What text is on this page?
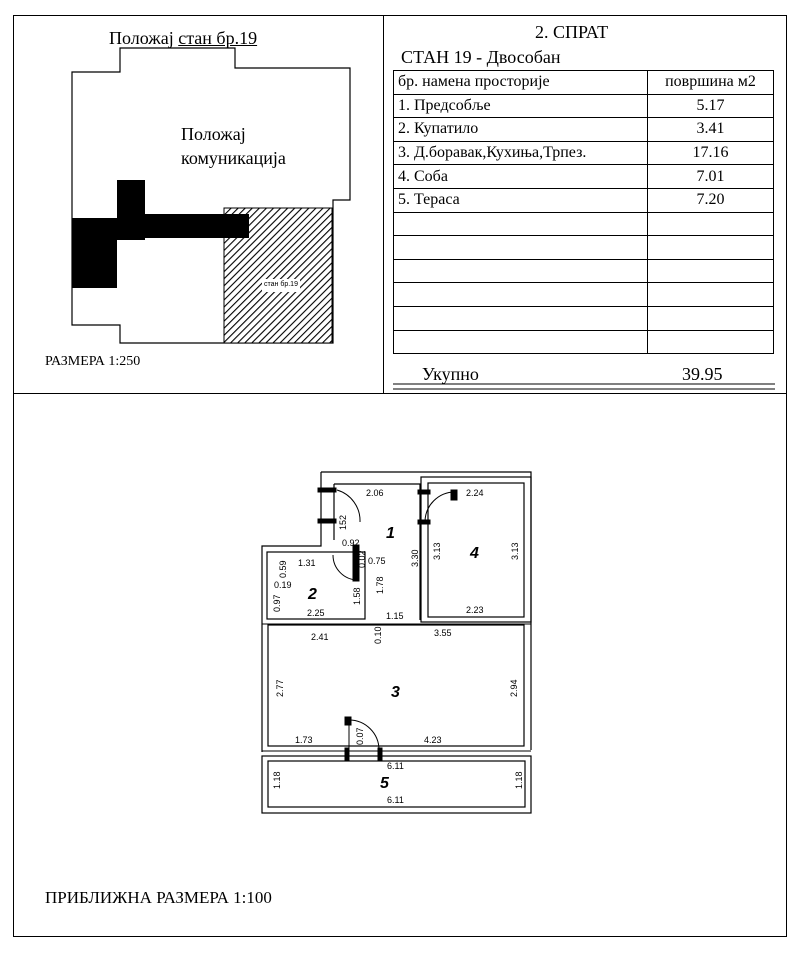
Положај стан бр.19
Положај
комуникација
стан бр.19
РАЗМЕРА 1:250
2. СПРАТ
СТАН 19 - Двособан
бр. намена просторије	површина м2
1. Предсобље	5.17
2. Купатило	3.41
3. Д.боравак,Кухиња,Трпез.	17.16
4. Соба	7.01
5. Тераса	7.20

Укупно	39.95
1
2
3
4
5
2.06
152
0.92
0.02 0.75	3.30
1.78
1.15
2.24
3.13	3.13
2.23
0.59 1.31
0.19
0.97	1.58
2.25
0.10
2.41	3.55
2.77	2.94
1.73	0.07	4.23
6.11
6.11
1.18	1.18
ПРИБЛИЖНА РАЗМЕРА 1:100
